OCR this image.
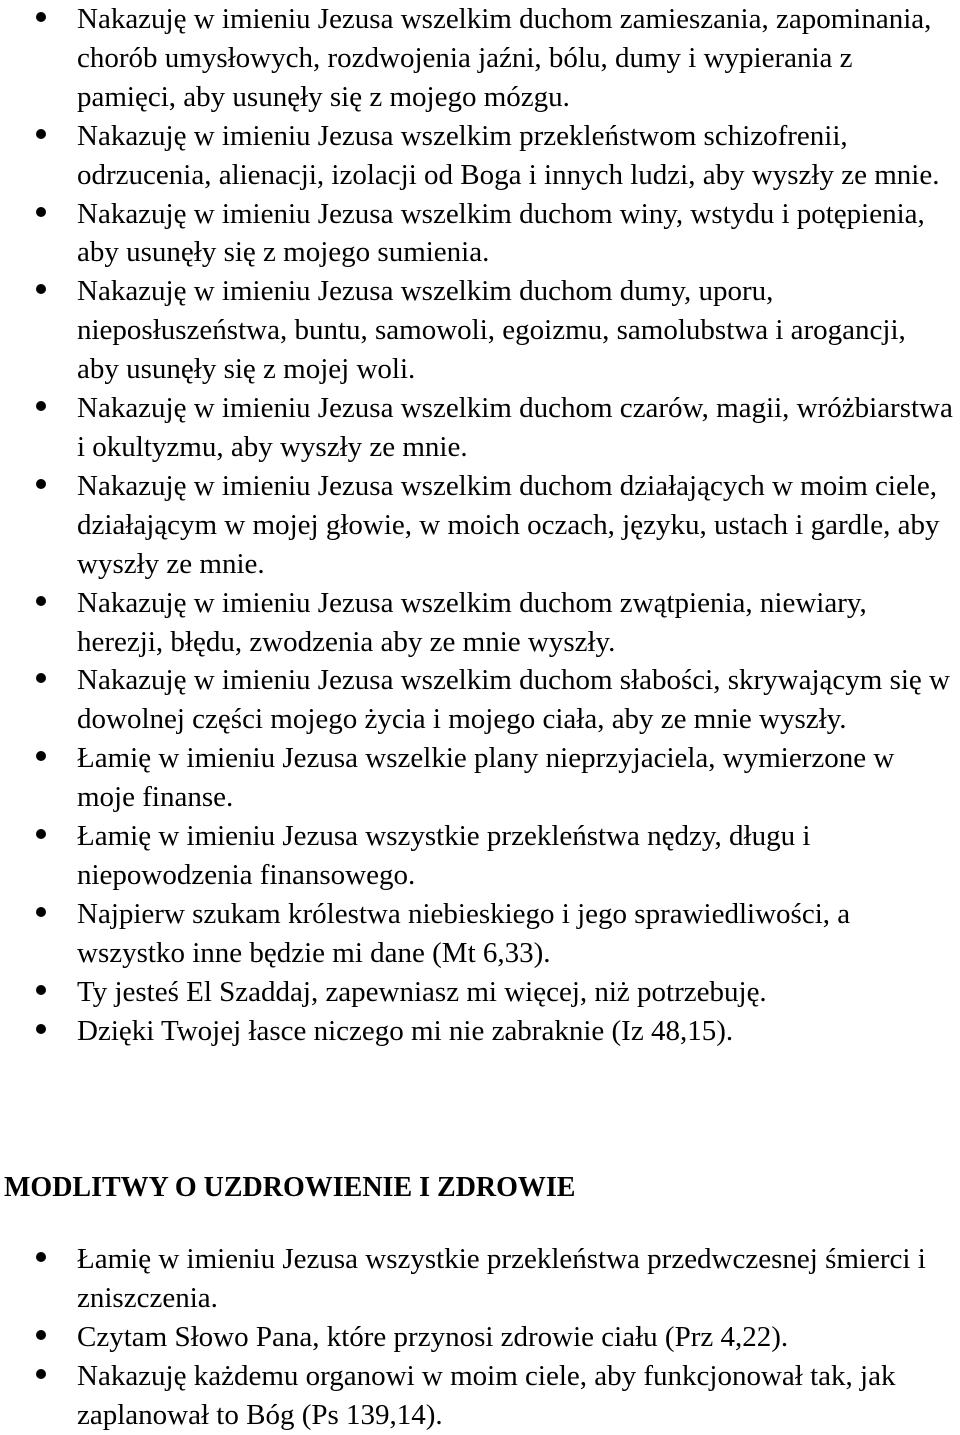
Nakazuję w imieniu Jezusa wszelkim duchom zamieszania, zapominania, chorób umysłowych, rozdwojenia jaźni, bólu, dumy i wypierania z pamięci, aby usunęły się z mojego mózgu.
Nakazuję w imieniu Jezusa wszelkim przekleństwom schizofrenii, odrzucenia, alienacji, izolacji od Boga i innych ludzi, aby wyszły ze mnie.
Nakazuję w imieniu Jezusa wszelkim duchom winy, wstydu i potępienia, aby usunęły się z mojego sumienia.
Nakazuję w imieniu Jezusa wszelkim duchom dumy, uporu, nieposłuszeństwa, buntu, samowoli, egoizmu, samolubstwa i arogancji, aby usunęły się z mojej woli.
Nakazuję w imieniu Jezusa wszelkim duchom czarów, magii, wróżbiarstwa i okultyzmu, aby wyszły ze mnie.
Nakazuję w imieniu Jezusa wszelkim duchom działających w moim ciele, działającym w mojej głowie, w moich oczach, języku, ustach i gardle, aby wyszły ze mnie.
Nakazuję w imieniu Jezusa wszelkim duchom zwątpienia, niewiary, herezji, błędu, zwodzenia aby ze mnie wyszły.
Nakazuję w imieniu Jezusa wszelkim duchom słabości, skrywającym się w dowolnej części mojego życia i mojego ciała, aby ze mnie wyszły.
Łamię w imieniu Jezusa wszelkie plany nieprzyjaciela, wymierzone w moje finanse.
Łamię w imieniu Jezusa wszystkie przekleństwa nędzy, długu i niepowodzenia finansowego.
Najpierw szukam królestwa niebieskiego i jego sprawiedliwości, a wszystko inne będzie mi dane (Mt 6,33).
Ty jesteś El Szaddaj, zapewniasz mi więcej, niż potrzebuję.
Dzięki Twojej łasce niczego mi nie zabraknie (Iz 48,15).
MODLITWY O UZDROWIENIE I ZDROWIE
Łamię w imieniu Jezusa wszystkie przekleństwa przedwczesnej śmierci i zniszczenia.
Czytam Słowo Pana, które przynosi zdrowie ciału (Prz 4,22).
Nakazuję każdemu organowi w moim ciele, aby funkcjonował tak, jak zaplanował to Bóg (Ps 139,14).
